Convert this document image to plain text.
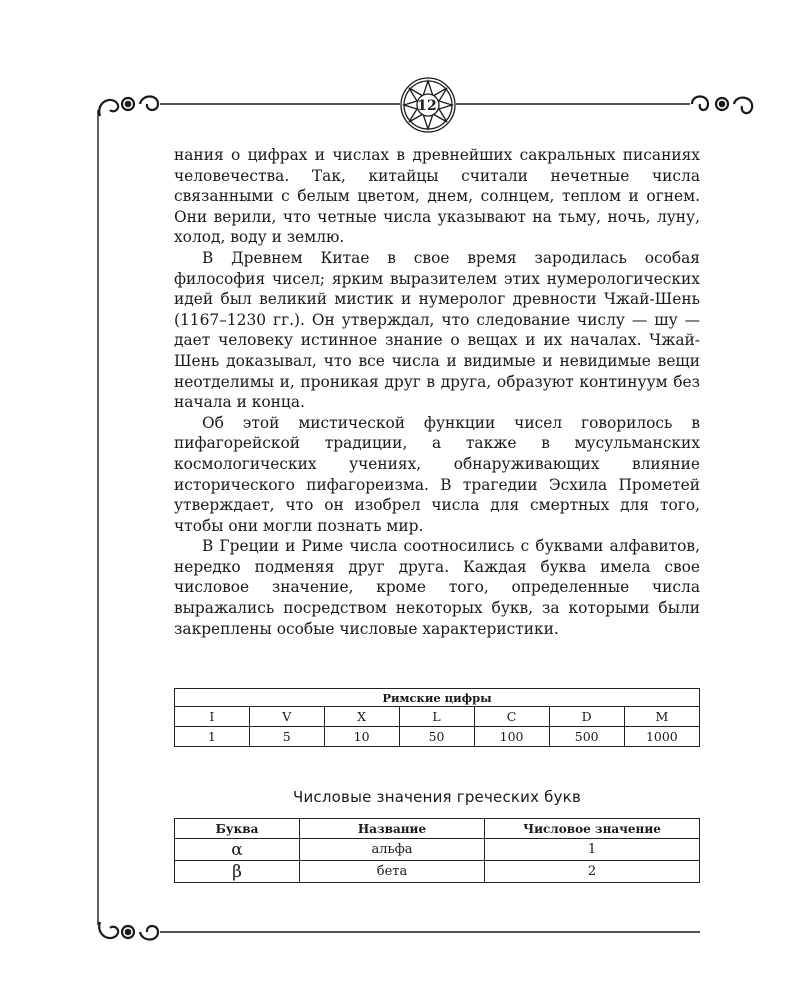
12

нания о цифрах и числах в древнейших сакральных писаниях человечества. Так, китайцы считали нечетные числа связанными с белым цветом, днем, солнцем, теплом и огнем. Они верили, что четные числа указывают на тьму, ночь, луну, холод, воду и землю.

В Древнем Китае в свое время зародилась особая философия чисел; ярким выразителем этих нумерологических идей был великий мистик и нумеролог древности Чжай-Шень (1167–1230 гг.). Он утверждал, что следование числу — шу — дает человеку истинное знание о вещах и их началах. Чжай-Шень доказывал, что все числа и видимые и невидимые вещи неотделимы и, проникая друг в друга, образуют континуум без начала и конца.

Об этой мистической функции чисел говорилось в пифагорейской традиции, а также в мусульманских космологических учениях, обнаруживающих влияние исторического пифагореизма. В трагедии Эсхила Прометей утверждает, что он изобрел числа для смертных для того, чтобы они могли познать мир.

В Греции и Риме числа соотносились с буквами алфавитов, нередко подменяя друг друга. Каждая буква имела свое числовое значение, кроме того, определенные числа выражались посредством некоторых букв, за которыми были закреплены особые числовые характеристики.

Римские цифры						
I	V	X	L	C	D	M
1	5	10	50	100	500	1000
Числовые значения греческих букв
Буква	Название	Числовое значение
α	альфа	1
β	бета	2
